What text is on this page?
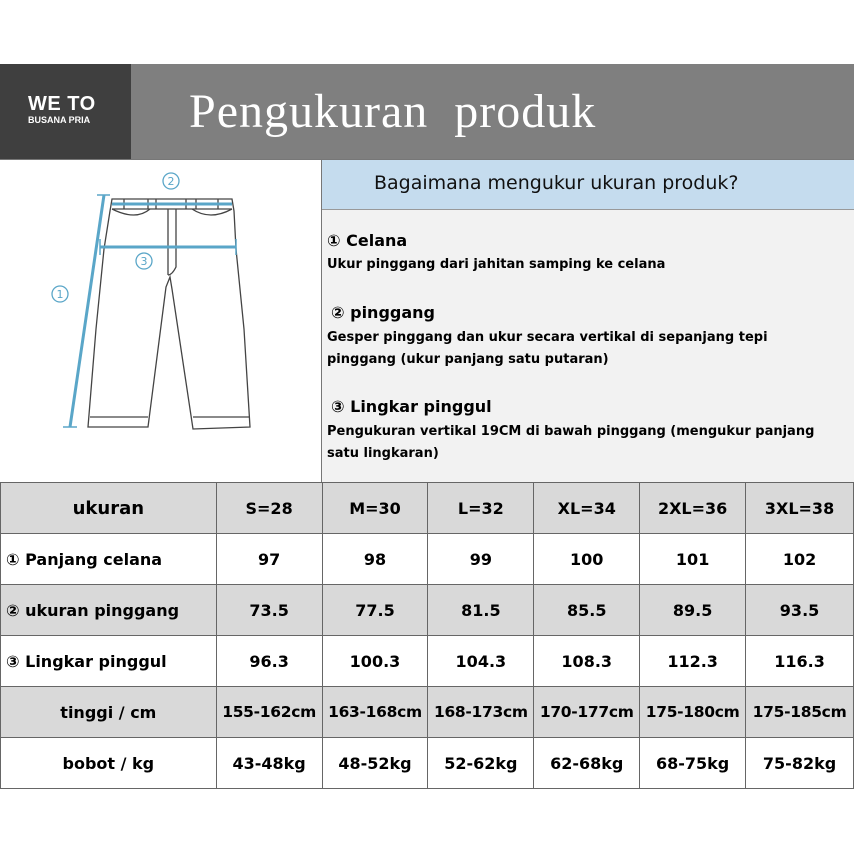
WE TO
BUSANA PRIA Pengukuran  produk
2
3
1
Bagaimana mengukur ukuran produk?
① Celana
Ukur pinggang dari jahitan samping ke celana
② pinggang
Gesper pinggang dan ukur secara vertikal di sepanjang tepi pinggang (ukur panjang satu putaran)
③ Lingkar pinggul
Pengukuran vertikal 19CM di bawah pinggang (mengukur panjang satu lingkaran)
ukuran	S=28	M=30	L=32	XL=34	2XL=36	3XL=38
① Panjang celana	97	98	99	100	101	102
② ukuran pinggang	73.5	77.5	81.5	85.5	89.5	93.5
③ Lingkar pinggul	96.3	100.3	104.3	108.3	112.3	116.3
tinggi / cm	155-162cm	163-168cm	168-173cm	170-177cm	175-180cm	175-185cm
bobot / kg	43-48kg	48-52kg	52-62kg	62-68kg	68-75kg	75-82kg
